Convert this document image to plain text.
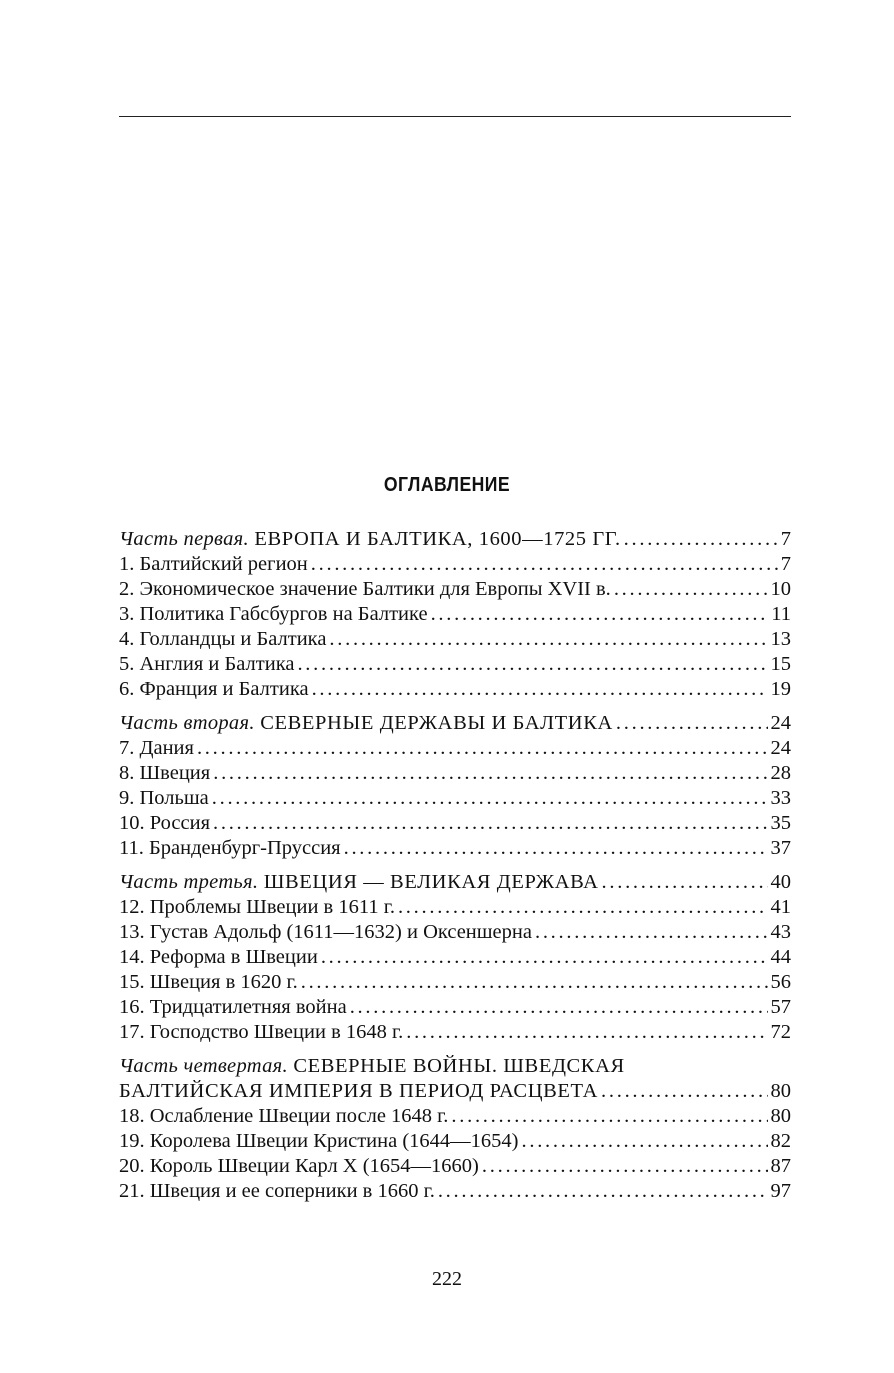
ОГЛАВЛЕНИЕ
Часть первая. ЕВРОПА И БАЛТИКА, 1600—1725 ГГ. . . .	7
1. Балтийский регион . . .	7
2. Экономическое значение Балтики для Европы XVII в. . . .	10
3. Политика Габсбургов на Балтике . . .	11
4. Голландцы и Балтика . . .	13
5. Англия и Балтика . . .	15
6. Франция и Балтика . . .	19
Часть вторая. СЕВЕРНЫЕ ДЕРЖАВЫ И БАЛТИКА . . .	24
7. Дания . . .	24
8. Швеция . . .	28
9. Польша . . .	33
10. Россия . . .	35
11. Бранденбург-Пруссия . . .	37
Часть третья. ШВЕЦИЯ — ВЕЛИКАЯ ДЕРЖАВА . . .	40
12. Проблемы Швеции в 1611 г. . . .	41
13. Густав Адольф (1611—1632) и Оксеншерна . . .	43
14. Реформа в Швеции . . .	44
15. Швеция в 1620 г. . . .	56
16. Тридцатилетняя война . . .	57
17. Господство Швеции в 1648 г. . . .	72
Часть четвертая. СЕВЕРНЫЕ ВОЙНЫ. ШВЕДСКАЯ
БАЛТИЙСКАЯ ИМПЕРИЯ В ПЕРИОД РАСЦВЕТА . . .	80
18. Ослабление Швеции после 1648 г. . . .	80
19. Королева Швеции Кристина (1644—1654) . . .	82
20. Король Швеции Карл X (1654—1660) . . .	87
21. Швеция и ее соперники в 1660 г. . . .	97
222
